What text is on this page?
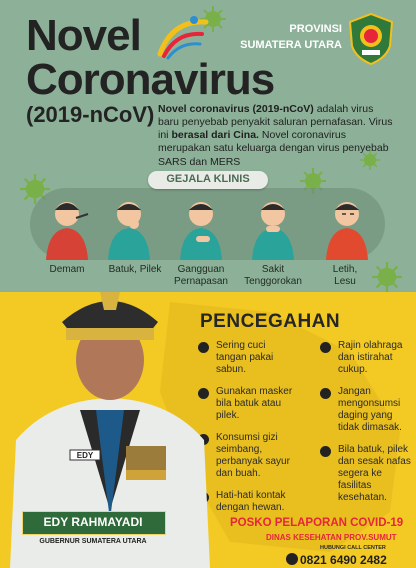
Novel
Coronavirus
(2019-nCoV)
PROVINSI
SUMATERA UTARA
Novel coronavirus (2019-nCoV) adalah virus baru penyebab penyakit saluran pernafasan. Virus ini berasal dari Cina. Novel coronavirus merupakan satu keluarga dengan virus penyebab SARS dan MERS
GEJALA KLINIS
Demam	Batuk, Pilek	Gangguan
Pernapasan
Sakit
Tenggorokan
Letih,
Lesu
PENCEGAHAN
Sering cuci tangan pakai sabun.
Gunakan masker bila batuk atau pilek.
Konsumsi gizi seimbang, perbanyak sayur dan buah.
Hati-hati kontak dengan hewan.
Rajin olahraga dan istirahat cukup.
Jangan mengonsumsi daging yang tidak dimasak.
Bila batuk, pilek dan sesak nafas segera ke fasilitas kesehatan.
EDY
EDY RAHMAYADI
GUBERNUR SUMATERA UTARA
POSKO PELAPORAN COVID-19
DINAS KESEHATAN PROV.SUMUT
HUBUNGI CALL CENTER
0821 6490 2482
